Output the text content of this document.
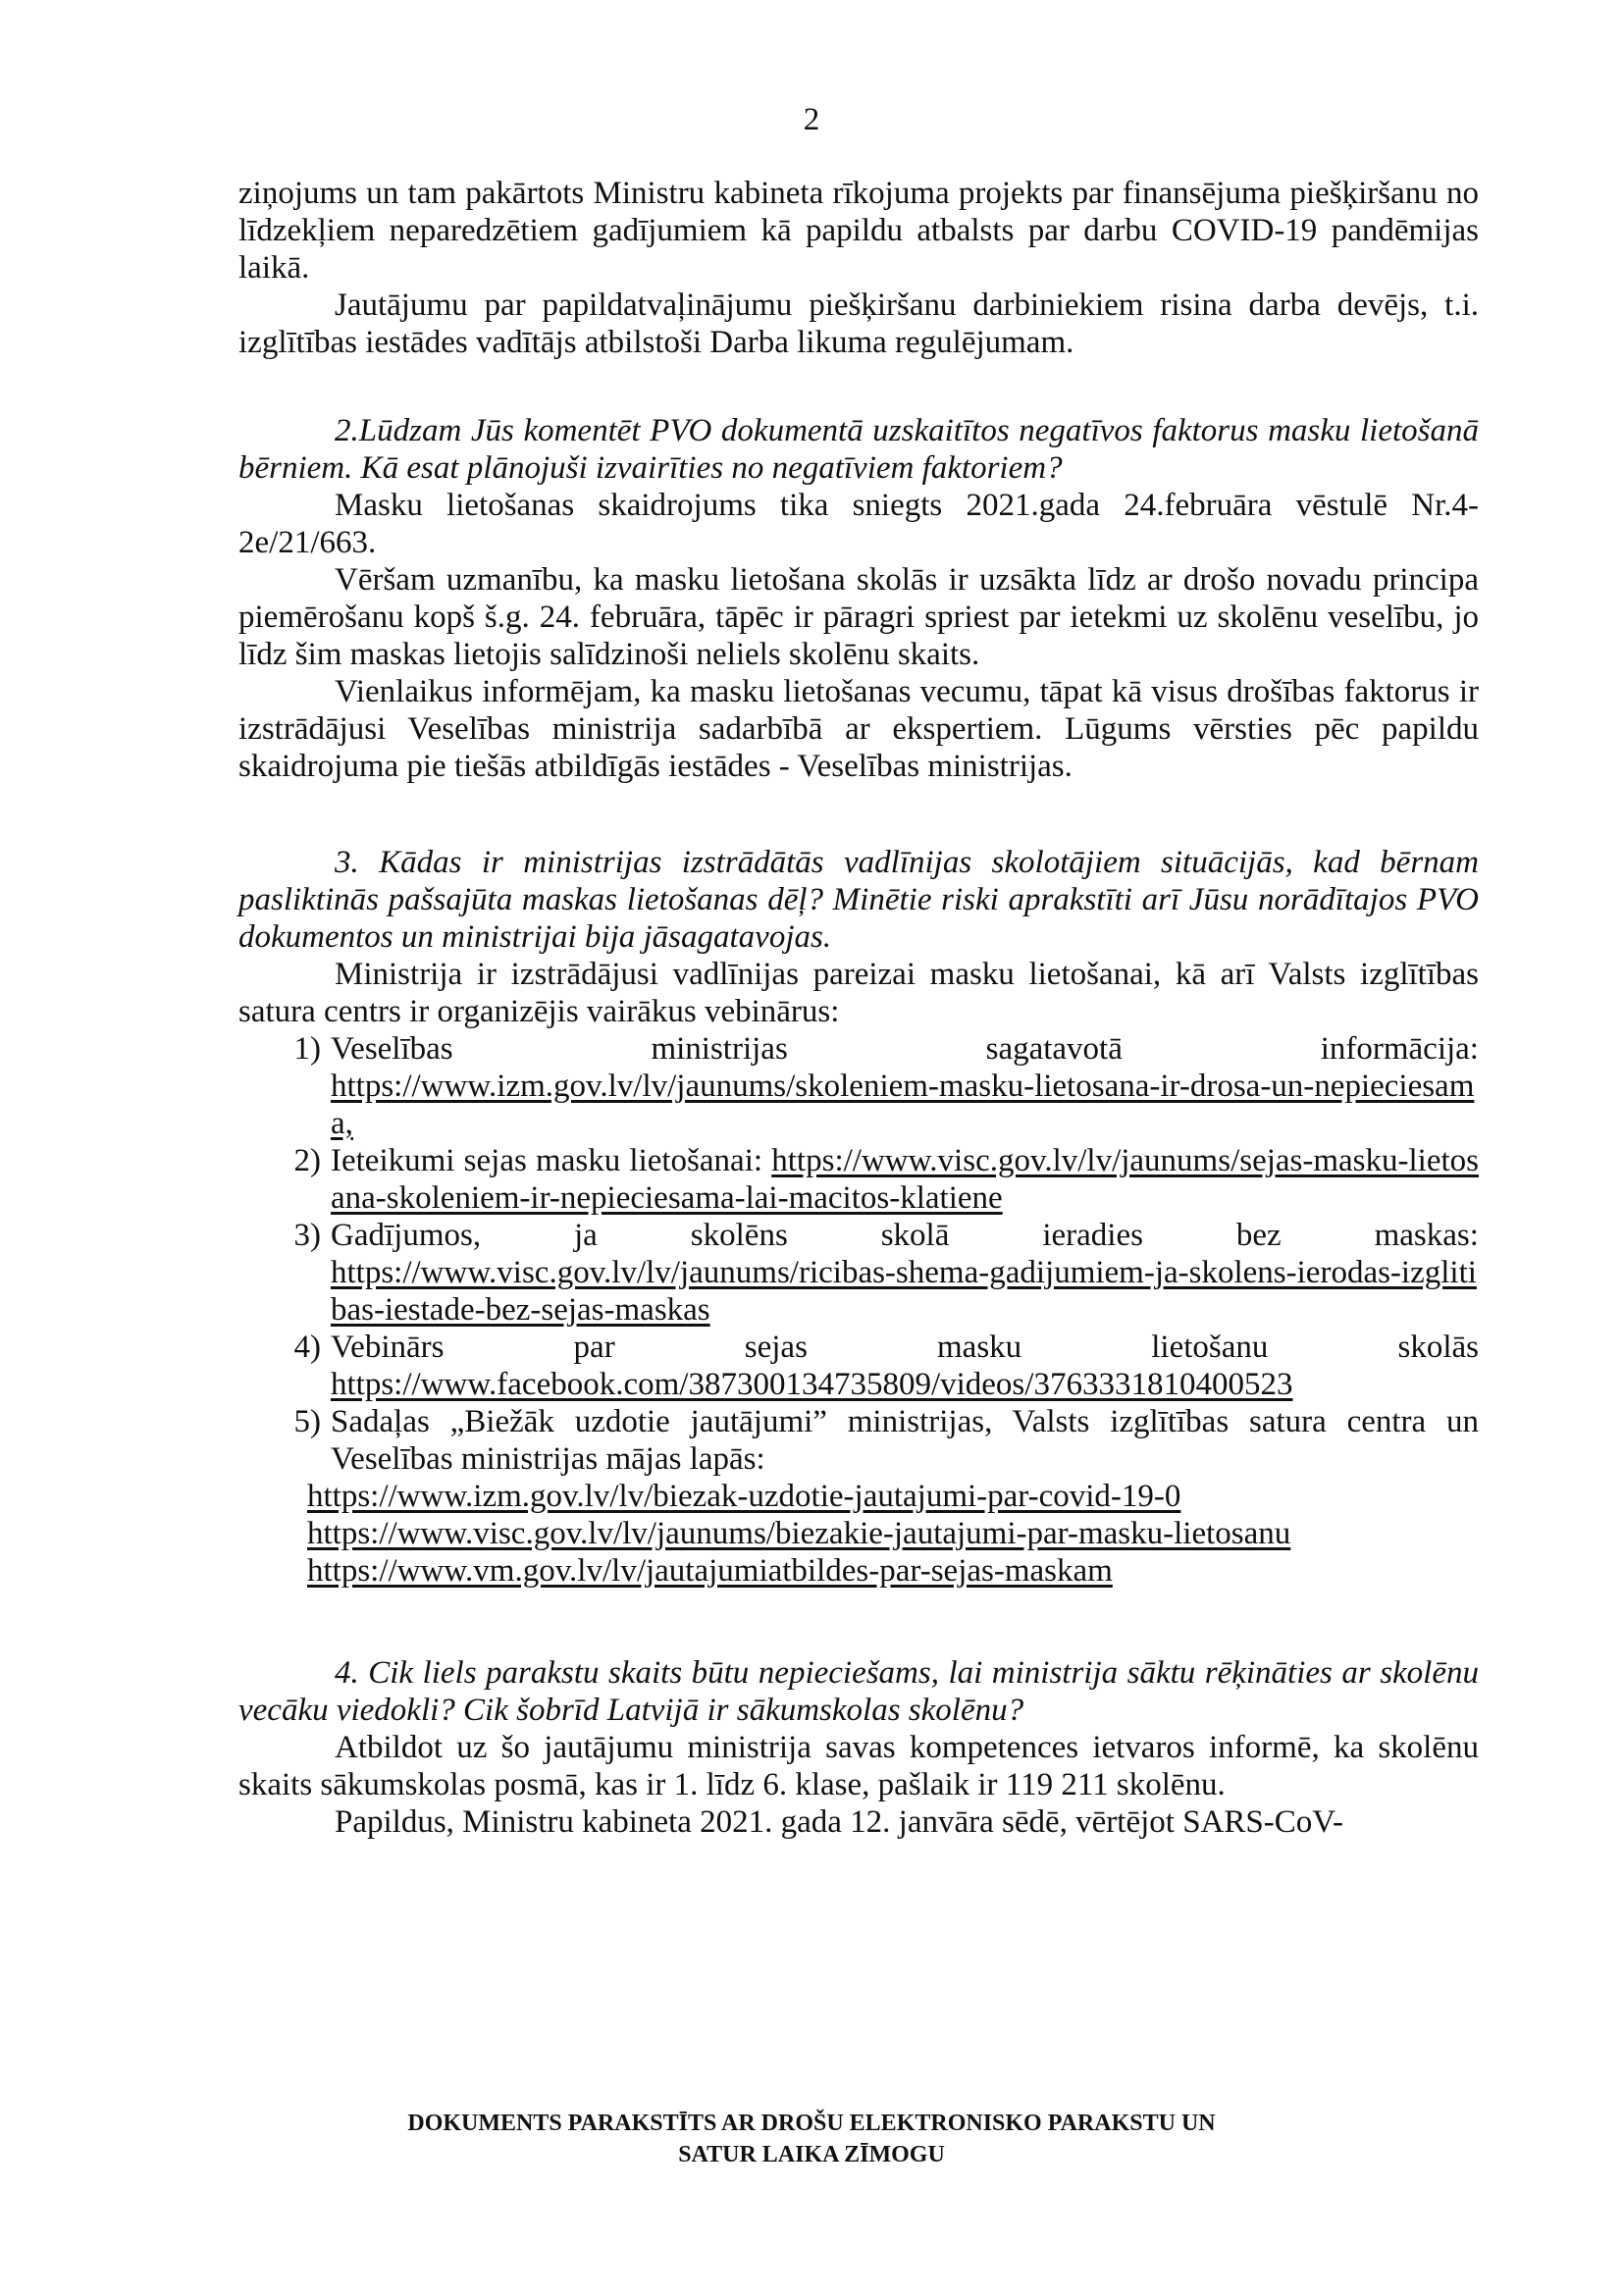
2

ziņojums un tam pakārtots Ministru kabineta rīkojuma projekts par finansējuma piešķiršanu no līdzekļiem neparedzētiem gadījumiem kā papildu atbalsts par darbu COVID-19 pandēmijas laikā.

Jautājumu par papildatvaļinājumu piešķiršanu darbiniekiem risina darba devējs, t.i. izglītības iestādes vadītājs atbilstoši Darba likuma regulējumam.

2.Lūdzam Jūs komentēt PVO dokumentā uzskaitītos negatīvos faktorus masku lietošanā bērniem. Kā esat plānojuši izvairīties no negatīviem faktoriem?

Masku lietošanas skaidrojums tika sniegts 2021.gada 24.februāra vēstulē Nr.4-2e/21/663.

Vēršam uzmanību, ka masku lietošana skolās ir uzsākta līdz ar drošo novadu principa piemērošanu kopš š.g. 24. februāra, tāpēc ir pāragri spriest par ietekmi uz skolēnu veselību, jo līdz šim maskas lietojis salīdzinoši neliels skolēnu skaits.

Vienlaikus informējam, ka masku lietošanas vecumu, tāpat kā visus drošības faktorus ir izstrādājusi Veselības ministrija sadarbībā ar ekspertiem. Lūgums vērsties pēc papildu skaidrojuma pie tiešās atbildīgās iestādes - Veselības ministrijas.

3. Kādas ir ministrijas izstrādātās vadlīnijas skolotājiem situācijās, kad bērnam pasliktinās pašsajūta maskas lietošanas dēļ? Minētie riski aprakstīti arī Jūsu norādītajos PVO dokumentos un ministrijai bija jāsagatavojas.

Ministrija ir izstrādājusi vadlīnijas pareizai masku lietošanai, kā arī Valsts izglītības satura centrs ir organizējis vairākus vebinārus:

1) Veselības	ministrijas	sagatavotā	informācija:
https://www.izm.gov.lv/lv/jaunums/skoleniem-masku-lietosana-ir-drosa-un-nepieciesama,
2) Ieteikumi sejas masku lietošanai: https://www.visc.gov.lv/lv/jaunums/sejas-masku-lietosana-skoleniem-ir-nepieciesama-lai-macitos-klatiene
3) Gadījumos,	ja	skolēns	skolā	ieradies	bez	maskas:
https://www.visc.gov.lv/lv/jaunums/ricibas-shema-gadijumiem-ja-skolens-ierodas-izglitibas-iestade-bez-sejas-maskas
4) Vebinārs	par	sejas	masku	lietošanu	skolās
https://www.facebook.com/387300134735809/videos/3763331810400523
5) Sadaļas „Biežāk uzdotie jautājumi” ministrijas, Valsts izglītības satura centra un Veselības ministrijas mājas lapās:
https://www.izm.gov.lv/lv/biezak-uzdotie-jautajumi-par-covid-19-0
https://www.visc.gov.lv/lv/jaunums/biezakie-jautajumi-par-masku-lietosanu
https://www.vm.gov.lv/lv/jautajumiatbildes-par-sejas-maskam

4. Cik liels parakstu skaits būtu nepieciešams, lai ministrija sāktu rēķināties ar skolēnu vecāku viedokli? Cik šobrīd Latvijā ir sākumskolas skolēnu?

Atbildot uz šo jautājumu ministrija savas kompetences ietvaros informē, ka skolēnu skaits sākumskolas posmā, kas ir 1. līdz 6. klase, pašlaik ir 119 211 skolēnu.

Papildus, Ministru kabineta 2021. gada 12. janvāra sēdē, vērtējot SARS-CoV-

DOKUMENTS PARAKSTĪTS AR DROŠU ELEKTRONISKO PARAKSTU UN
SATUR LAIKA ZĪMOGU
